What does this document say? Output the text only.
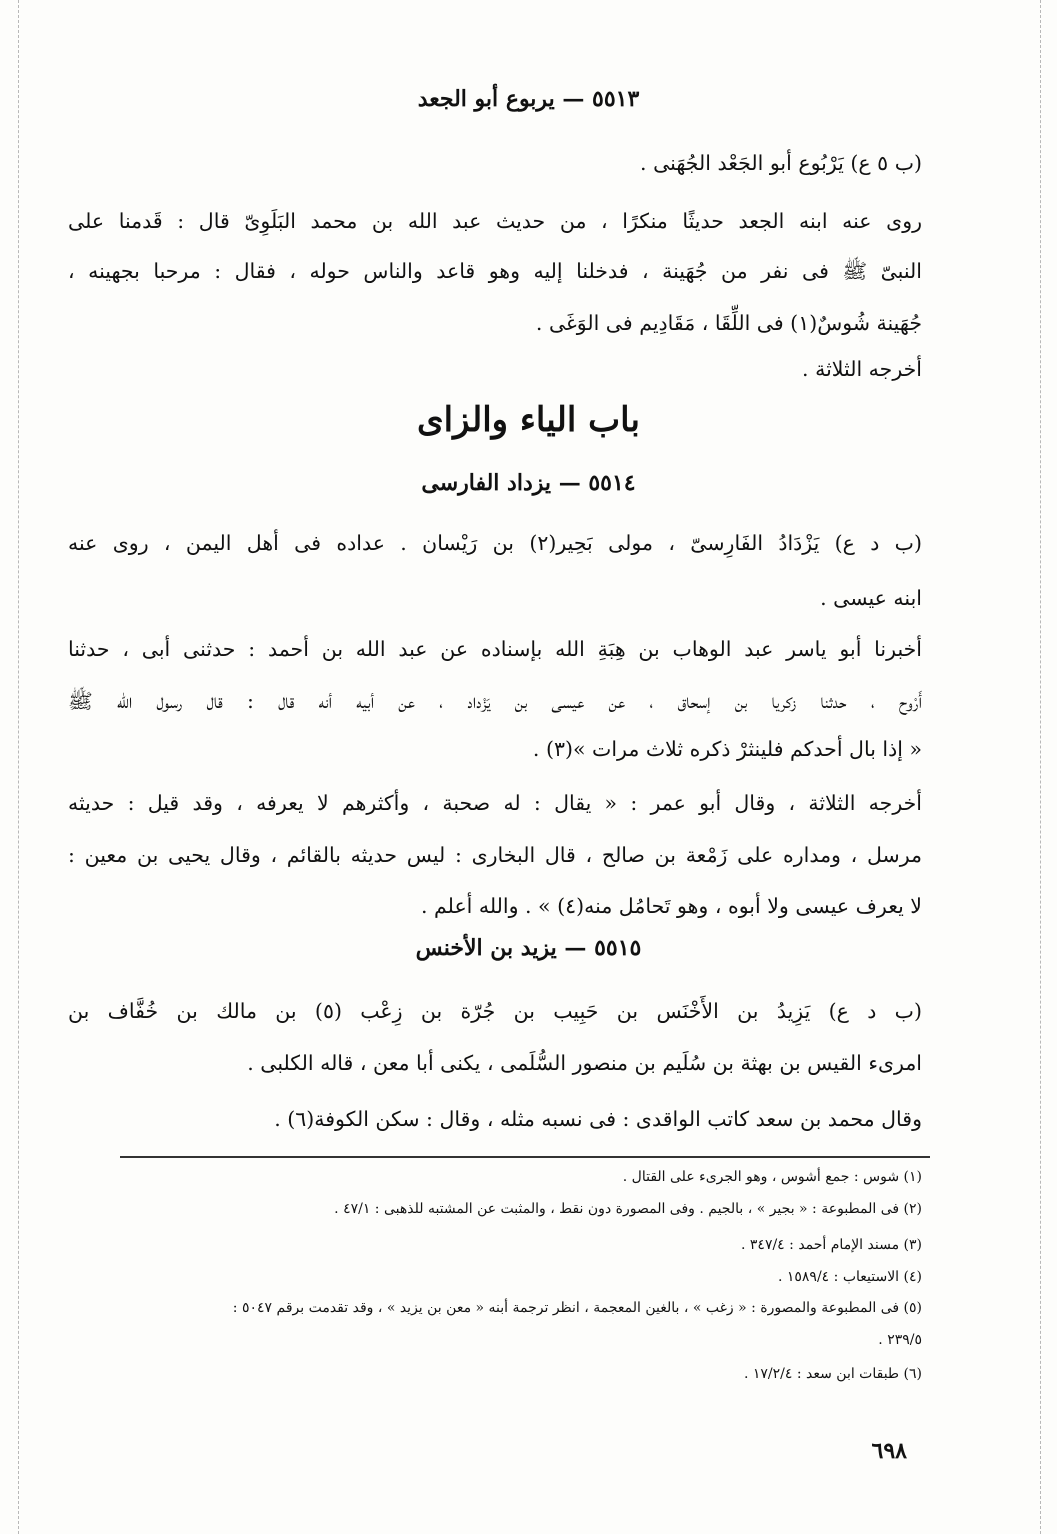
٥٥١٣ — يربوع أبو الجعد
(ب ٥ ع) يَرْبُوع أبو الجَعْد الجُهَنى .
روى عنه ابنه الجعد حديثًا منكرًا ، من حديث عبد الله بن محمد البَلَوِىّ قال : قَدمنا على
النبىّ ﷺ فى نفر من جُهَينة ، فدخلنا إليه وهو قاعد والناس حوله ، فقال : مرحبا بجهينه ،
جُهَينة شُوسٌ(١) فى اللِّقَا ، مَقَادِيم فى الوَغَى .
أخرجه الثلاثة .
باب الياء والزاى
٥٥١٤ — يزداد الفارسى
(ب د ع) يَزْدَادُ الفَارِسىّ ، مولى بَحِير(٢) بن رَيْسان . عداده فى أهل اليمن ، روى عنه
ابنه عيسى .
أخبرنا أبو ياسر عبد الوهاب بن هِبَةِ الله بإسناده عن عبد الله بن أحمد : حدثنى أبى ، حدثنا
أَرْوح ، حدثنا زكريا بن إسحاق ، عن عيسى بن يَزْداد ، عن أبيه أنه قال : قال رسول الله ﷺ
« إذا بال أحدكم فلينثرْ ذكره ثلاث مرات »(٣) .
أخرجه الثلاثة ، وقال أبو عمر : « يقال : له صحبة ، وأكثرهم لا يعرفه ، وقد قيل : حديثه
مرسل ، ومداره على زَمْعة بن صالح ، قال البخارى : ليس حديثه بالقائم ، وقال يحيى بن معين :
لا يعرف عيسى ولا أبوه ، وهو تَحامُل منه(٤) » . والله أعلم .
٥٥١٥ — يزيد بن الأخنس
(ب د ع) يَزِيدُ بن الأَخْنَس بن حَبِيب بن جُرّة بن زِعْب (٥) بن مالك بن خُفَّاف بن
امرىء القيس بن بهثة بن سُلَيم بن منصور السُّلَمى ، يكنى أبا معن ، قاله الكلبى .
وقال محمد بن سعد كاتب الواقدى : فى نسبه مثله ، وقال : سكن الكوفة(٦) .
(١) شوس : جمع أشوس ، وهو الجرىء على القتال .
(٢) فى المطبوعة : « بجير » ، بالجيم . وفى المصورة دون نقط ، والمثبت عن المشتبه للذهبى : ٤٧/١ .
(٣) مسند الإمام أحمد : ٣٤٧/٤ .
(٤) الاستيعاب : ١٥٨٩/٤ .
(٥) فى المطبوعة والمصورة : « زغب » ، بالغين المعجمة ، انظر ترجمة أبنه « معن بن يزيد » ، وقد تقدمت برقم ٥٠٤٧ :
٢٣٩/٥ .
(٦) طبقات ابن سعد : ١٧/٢/٤ .
٦٩٨
